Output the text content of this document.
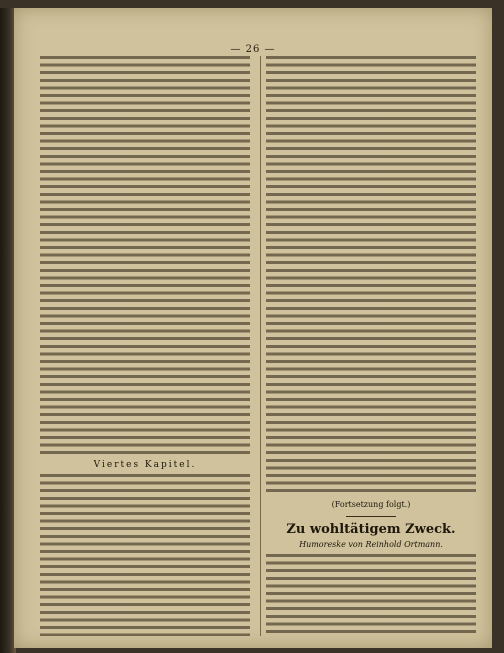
— 26 —
Viertes Kapitel.
(Fortsetzung folgt.)
Zu wohltätigem Zweck.
Humoreske von Reinhold Ortmann.
